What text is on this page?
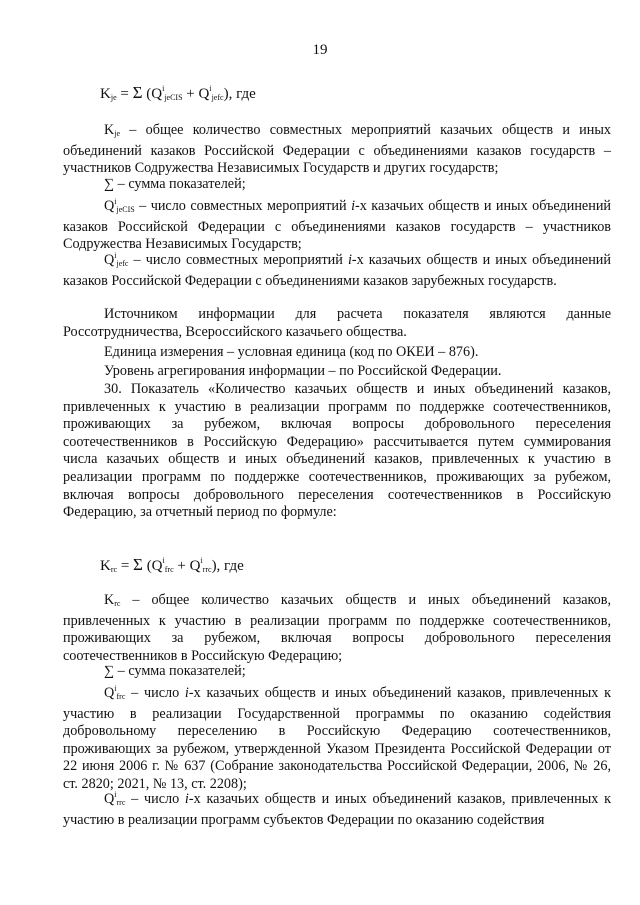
19
$K_{jе} = \Sigma$ $(Q^i_{jеCIS} + Q^i_{jefc})$, где

$K_{jе}$ – общее количество совместных мероприятий казачьих обществ и иных объединений казаков Российской Федерации с объединениями казаков государств – участников Содружества Независимых Государств и других государств;

∑ – сумма показателей;

$Q^i_{jеCIS}$ – число совместных мероприятий i-х казачьих обществ и иных объединений казаков Российской Федерации с объединениями казаков государств – участников Содружества Независимых Государств;

$Q^i_{jefc}$ – число совместных мероприятий i-х казачьих обществ и иных объединений казаков Российской Федерации с объединениями казаков зарубежных государств.

Источником информации для расчета показателя являются данные Россотрудничества, Всероссийского казачьего общества.

Единица измерения – условная единица (код по ОКЕИ – 876).

Уровень агрегирования информации – по Российской Федерации.

30. Показатель «Количество казачьих обществ и иных объединений казаков, привлеченных к участию в реализации программ по поддержке соотечественников, проживающих за рубежом, включая вопросы добровольного переселения соотечественников в Российскую Федерацию» рассчитывается путем суммирования числа казачьих обществ и иных объединений казаков, привлеченных к участию в реализации программ по поддержке соотечественников, проживающих за рубежом, включая вопросы добровольного переселения соотечественников в Российскую Федерацию, за отчетный период по формуле:

$K_{rc} = \Sigma$ $(Q^i_{frc} + Q^i_{rrc})$, где

$K_{rc}$ – общее количество казачьих обществ и иных объединений казаков, привлеченных к участию в реализации программ по поддержке соотечественников, проживающих за рубежом, включая вопросы добровольного переселения соотечественников в Российскую Федерацию;

∑ – сумма показателей;

$Q^i_{frc}$ – число i-х казачьих обществ и иных объединений казаков, привлеченных к участию в реализации Государственной программы по оказанию содействия добровольному переселению в Российскую Федерацию соотечественников, проживающих за рубежом, утвержденной Указом Президента Российской Федерации от 22 июня 2006 г. № 637 (Собрание законодательства Российской Федерации, 2006, № 26, ст. 2820; 2021, № 13, ст. 2208);

$Q^i_{rrc}$ – число i-х казачьих обществ и иных объединений казаков, привлеченных к участию в реализации программ субъектов Федерации по оказанию содействия
